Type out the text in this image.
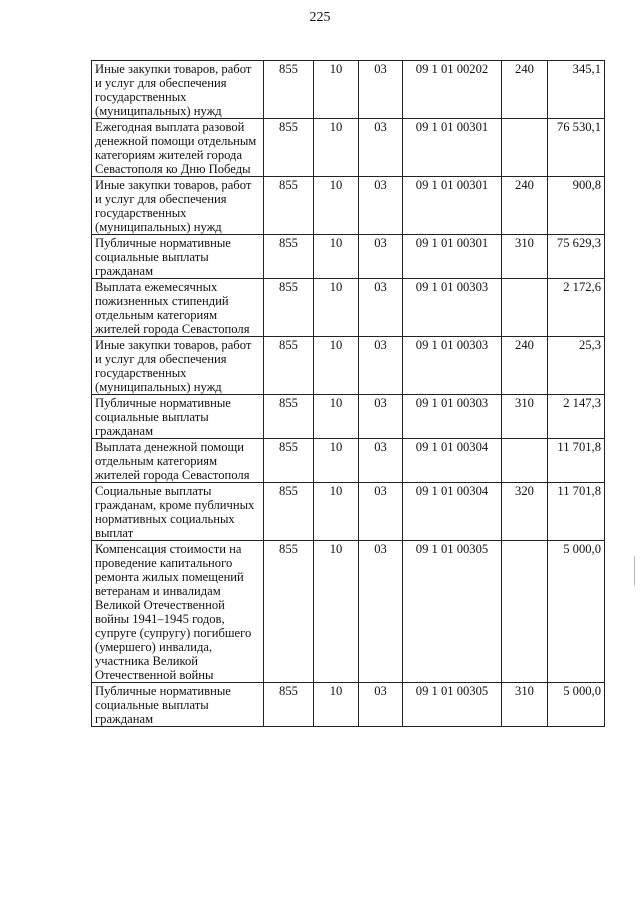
225
Иные закупки товаров, работ и услуг для обеспечения государственных (муниципальных) нужд	855	10	03	09 1 01 00202	240	345,1
Ежегодная выплата разовой денежной помощи отдельным категориям жителей города Севастополя ко Дню Победы	855	10	03	09 1 01 00301		76 530,1
Иные закупки товаров, работ и услуг для обеспечения государственных (муниципальных) нужд	855	10	03	09 1 01 00301	240	900,8
Публичные нормативные социальные выплаты гражданам	855	10	03	09 1 01 00301	310	75 629,3
Выплата ежемесячных пожизненных стипендий отдельным категориям жителей города Севастополя	855	10	03	09 1 01 00303		2 172,6
Иные закупки товаров, работ и услуг для обеспечения государственных (муниципальных) нужд	855	10	03	09 1 01 00303	240	25,3
Публичные нормативные социальные выплаты гражданам	855	10	03	09 1 01 00303	310	2 147,3
Выплата денежной помощи отдельным категориям жителей города Севастополя	855	10	03	09 1 01 00304		11 701,8
Социальные выплаты гражданам, кроме публичных нормативных социальных выплат	855	10	03	09 1 01 00304	320	11 701,8
Компенсация стоимости на проведение капитального ремонта жилых помещений ветеранам и инвалидам Великой Отечественной войны 1941–1945 годов, супруге (супругу) погибшего (умершего) инвалида, участника Великой Отечественной войны	855	10	03	09 1 01 00305		5 000,0
Публичные нормативные социальные выплаты гражданам	855	10	03	09 1 01 00305	310	5 000,0
